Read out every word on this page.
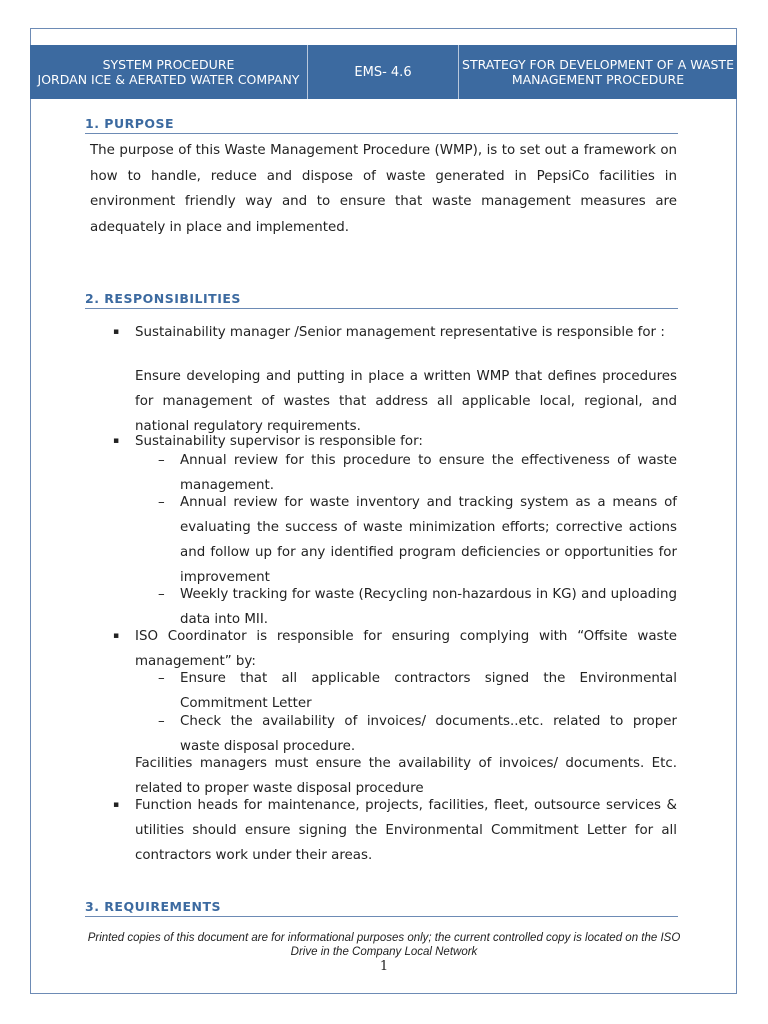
SYSTEM PROCEDURE
JORDAN ICE & AERATED WATER COMPANY	EMS- 4.6	STRATEGY FOR DEVELOPMENT OF A WASTE MANAGEMENT PROCEDURE
1. PURPOSE
The purpose of this Waste Management Procedure (WMP), is to set out a framework on how to handle, reduce and dispose of waste generated in PepsiCo facilities in environment friendly way and to ensure that waste management measures are adequately in place and implemented.
2. RESPONSIBILITIES
▪ Sustainability manager /Senior management representative is responsible for :
Ensure developing and putting in place a written WMP that defines procedures for management of wastes that address all applicable local, regional, and national regulatory requirements.
▪ Sustainability supervisor is responsible for:
– Annual review for this procedure to ensure the effectiveness of waste management.
– Annual review for waste inventory and tracking system as a means of evaluating the success of waste minimization efforts; corrective actions and follow up for any identified program deficiencies or opportunities for improvement
– Weekly tracking for waste (Recycling non-hazardous in KG) and uploading data into MII.
▪ ISO Coordinator is responsible for ensuring complying with “Offsite waste management” by:
– Ensure that all applicable contractors signed the Environmental Commitment Letter
– Check the availability of invoices/ documents..etc. related to proper waste disposal procedure.
Facilities managers must ensure the availability of invoices/ documents. Etc. related to proper waste disposal procedure
▪ Function heads for maintenance, projects, facilities, fleet, outsource services & utilities should ensure signing the Environmental Commitment Letter for all contractors work under their areas.
3. REQUIREMENTS
Printed copies of this document are for informational purposes only; the current controlled copy is located on the ISO Drive in the Company Local Network
1
